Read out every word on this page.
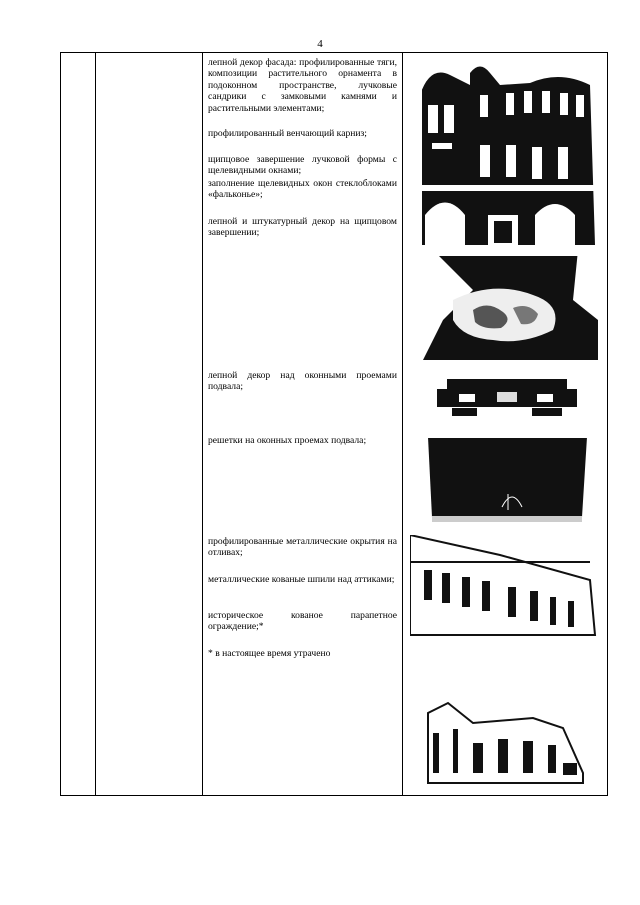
4
лепной декор фасада: профилированные тяги, композиции растительного орнамента в подоконном пространстве, лучковые сандрики с замковыми камнями и растительными элементами;
профилированный венчающий карниз;
щипцовое завершение лучковой формы с щелевидными окнами;
заполнение щелевидных окон стеклоблоками «фальконье»;
лепной и штукатурный декор на щипцовом завершении;
лепной декор над оконными проемами подвала;
решетки на оконных проемах подвала;
профилированные металлические окрытия на отливах;
металлические кованые шпили над аттиками;
историческое кованое парапетное ограждение;*
* в настоящее время утрачено
